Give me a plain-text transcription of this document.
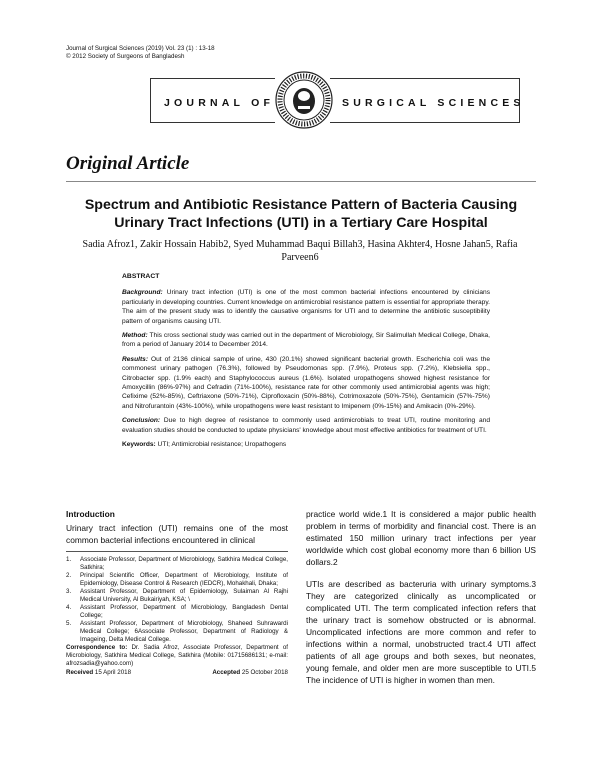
Journal of Surgical Sciences (2019) Vol. 23 (1) : 13-18
© 2012 Society of Surgeons of Bangladesh
JOURNAL OF	SURGICAL SCIENCES
Original Article
Spectrum and Antibiotic Resistance Pattern of Bacteria Causing Urinary Tract Infections (UTI) in a Tertiary Care Hospital
Sadia Afroz1, Zakir Hossain Habib2, Syed Muhammad Baqui Billah3, Hasina Akhter4, Hosne Jahan5, Rafia Parveen6

ABSTRACT

Background: Urinary tract infection (UTI) is one of the most common bacterial infections encountered by clinicians particularly in developing countries. Current knowledge on antimicrobial resistance pattern is essential for appropriate therapy. The aim of the present study was to identify the causative organisms for UTI and to determine the antibiotic susceptibility pattern of organisms causing UTI.

Method: This cross sectional study was carried out in the department of Microbiology, Sir Salimullah Medical College, Dhaka, from a period of January 2014 to December 2014.

Results: Out of 2136 clinical sample of urine, 430 (20.1%) showed significant bacterial growth. Escherichia coli was the commonest urinary pathogen (76.3%), followed by Pseudomonas spp. (7.9%), Proteus spp. (7.2%), Klebsiella spp., Citrobacter spp. (1.9% each) and Staphylococcus aureus (1.6%). Isolated uropathogens showed highest resistance for Amoxycillin (86%-97%) and Cefradin (71%-100%), resistance rate for other commonly used antimicrobial agents was high; Cefixime (52%-85%), Ceftriaxone (50%-71%), Ciprofloxacin (50%-88%), Cotrimoxazole (50%-75%), Gentamicin (57%-75%) and Nitrofurantoin (43%-100%), while uropathogens were least resistant to Imipenem (0%-15%) and Amikacin (0%-29%).

Conclusion: Due to high degree of resistance to commonly used antimicrobials to treat UTI, routine monitoring and evaluation studies should be conducted to update physicians' knowledge about most effective antibiotics for treatment of UTI.

Keywords: UTI; Antimicrobial resistance; Uropathogens

Introduction

Urinary tract infection (UTI) remains one of the most common bacterial infections encountered in clinical

1.	Associate Professor, Department of Microbiology, Satkhira Medical College, Satkhira;
2.	Principal Scientific Officer, Department of Microbiology, Institute of Epidemiology, Disease Control & Research (IEDCR), Mohakhali, Dhaka;
3.	Assistant Professor, Department of Epidemiology, Sulaiman Al Rajhi Medical University, Al Bukairiyah, KSA; \
4.	Assistant Professor, Department of Microbiology, Bangladesh Dental College;
5.	Assistant Professor, Department of Microbiology, Shaheed Suhrawardi Medical College; 6Associate Professor, Department of Radiology & Imageing, Delta Medical College.
Correspondence to: Dr. Sadia Afroz, Associate Professor, Department of Microbiology, Satkhira Medical College, Satkhira (Mobile: 01715686131; e-mail: afrozsadia@yahoo.com)
Received 15 April 2018	Accepted 25 October 2018

practice world wide.1 It is considered a major public health problem in terms of morbidity and financial cost. There is an estimated 150 million urinary tract infections per year worldwide which cost global economy more than 6 billion US dollars.2

UTIs are described as bacteruria with urinary symptoms.3 They are categorized clinically as uncomplicated or complicated UTI. The term complicated infection refers that the urinary tract is somehow obstructed or is abnormal. Uncomplicated infections are more common and refer to infections within a normal, unobstructed tract.4 UTI affect patients of all age groups and both sexes, but neonates, young female, and older men are more susceptible to UTI.5 The incidence of UTI is higher in women than men.
